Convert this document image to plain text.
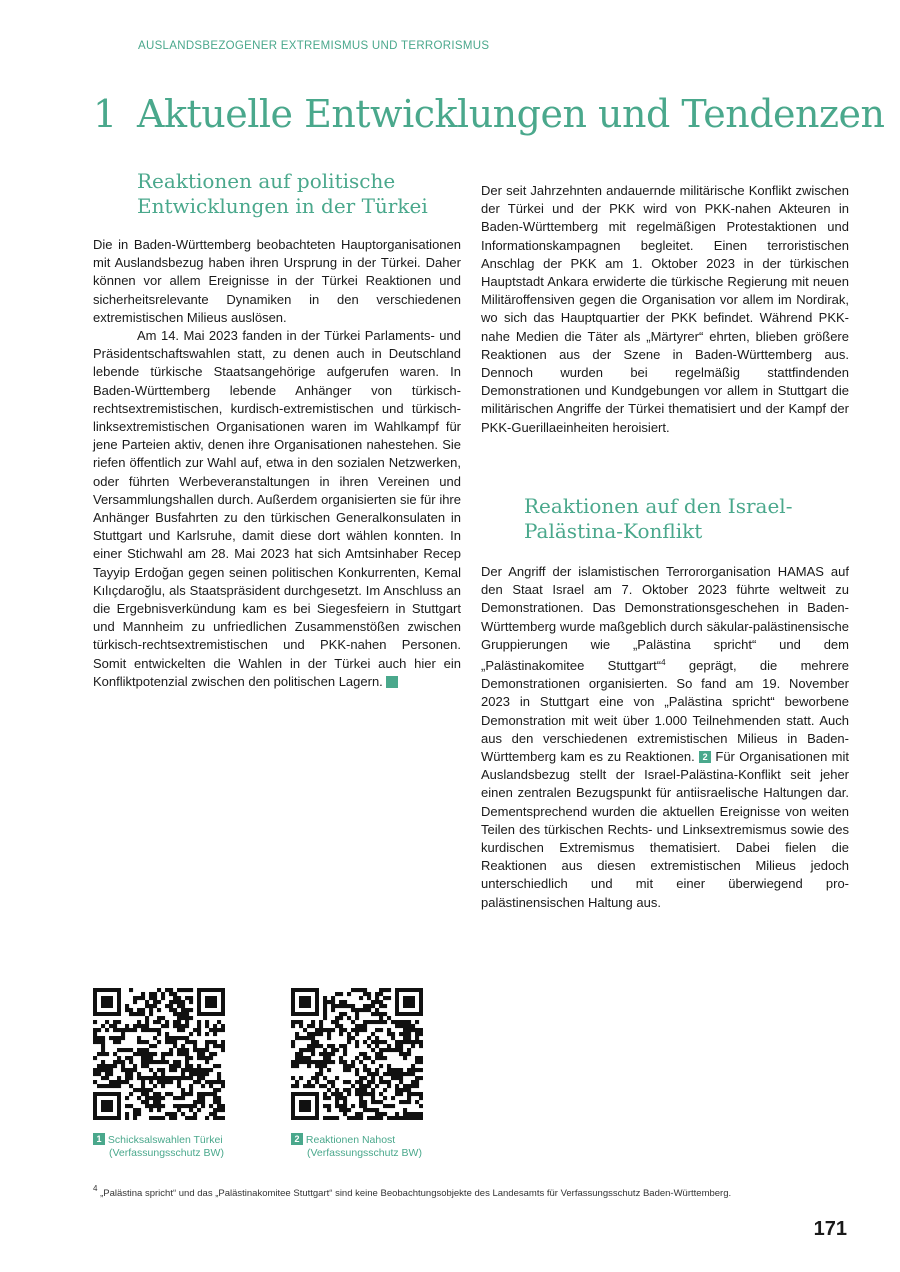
AUSLANDSBEZOGENER EXTREMISMUS UND TERRORISMUS
1 Aktuelle Entwicklungen und Tendenzen
Reaktionen auf politische
Entwicklungen in der Türkei

Die in Baden-Württemberg beobachteten Hauptorganisationen mit Auslandsbezug haben ihren Ursprung in der Türkei. Daher können vor allem Ereignisse in der Türkei Reaktionen und sicherheitsrelevante Dynamiken in den verschiedenen extremistischen Milieus auslösen.

Am 14. Mai 2023 fanden in der Türkei Parlaments- und Präsidentschaftswahlen statt, zu denen auch in Deutschland lebende türkische Staatsangehörige aufgerufen waren. In Baden-Württemberg lebende Anhänger von türkisch-rechtsextremistischen, kurdisch-extremistischen und türkisch-linksextremistischen Organisationen waren im Wahlkampf für jene Parteien aktiv, denen ihre Organisationen nahestehen. Sie riefen öffentlich zur Wahl auf, etwa in den sozialen Netzwerken, oder führten Werbeveranstaltungen in ihren Vereinen und Versammlungshallen durch. Außerdem organisierten sie für ihre Anhänger Busfahrten zu den türkischen Generalkonsulaten in Stuttgart und Karlsruhe, damit diese dort wählen konnten. In einer Stichwahl am 28. Mai 2023 hat sich Amtsinhaber Recep Tayyip Erdoğan gegen seinen politischen Konkurrenten, Kemal Kılıçdaroğlu, als Staatspräsident durchgesetzt. Im Anschluss an die Ergebnisverkündung kam es bei Siegesfeiern in Stuttgart und Mannheim zu unfriedlichen Zusammenstößen zwischen türkisch-rechtsextremistischen und PKK-nahen Personen. Somit entwickelten die Wahlen in der Türkei auch hier ein Konfliktpotenzial zwischen den politischen Lagern.	1

Der seit Jahrzehnten andauernde militärische Konflikt zwischen der Türkei und der PKK wird von PKK-nahen Akteuren in Baden-Württemberg mit regelmäßigen Protestaktionen und Informationskampagnen begleitet. Einen terroristischen Anschlag der PKK am 1. Oktober 2023 in der türkischen Hauptstadt Ankara erwiderte die türkische Regierung mit neuen Militäroffensiven gegen die Organisation vor allem im Nordirak, wo sich das Hauptquartier der PKK befindet. Während PKK-nahe Medien die Täter als „Märtyrer“ ehrten, blieben größere Reaktionen aus der Szene in Baden-Württemberg aus. Dennoch wurden bei regelmäßig stattfindenden Demonstrationen und Kundgebungen vor allem in Stuttgart die militärischen Angriffe der Türkei thematisiert und der Kampf der PKK-Guerillaeinheiten heroisiert.

Reaktionen auf den Israel-
Palästina-Konflikt

Der Angriff der islamistischen Terrororganisation HAMAS auf den Staat Israel am 7. Oktober 2023 führte weltweit zu Demonstrationen. Das Demonstrationsgeschehen in Baden-Württemberg wurde maßgeblich durch säkular-palästinensische Gruppierungen wie „Palästina spricht“ und dem „Palästinakomitee Stuttgart“$^4$ geprägt, die mehrere Demonstrationen organisierten. So fand am 19. November 2023 in Stuttgart eine von „Palästina spricht“ beworbene Demonstration mit weit über 1.000 Teilnehmenden statt. Auch aus den verschiedenen extremistischen Milieus in Baden-Württemberg kam es zu Reaktionen. 2 Für Organisationen mit Auslandsbezug stellt der Israel-Palästina-Konflikt seit jeher einen zentralen Bezugspunkt für antiisraelische Haltungen dar. Dementsprechend wurden die aktuellen Ereignisse von weiten Teilen des türkischen Rechts- und Linksextremismus sowie des kurdischen Extremismus thematisiert. Dabei fielen die Reaktionen aus diesen extremistischen Milieus jedoch unterschiedlich und mit einer überwiegend pro-palästinensischen Haltung aus.

1 Schicksalswahlen Türkei
(Verfassungsschutz BW)
2 Reaktionen Nahost
(Verfassungsschutz BW)
$^4$ „Palästina spricht“ und das „Palästinakomitee Stuttgart“ sind keine Beobachtungsobjekte des Landesamts für Verfassungsschutz Baden-Württemberg.
171
